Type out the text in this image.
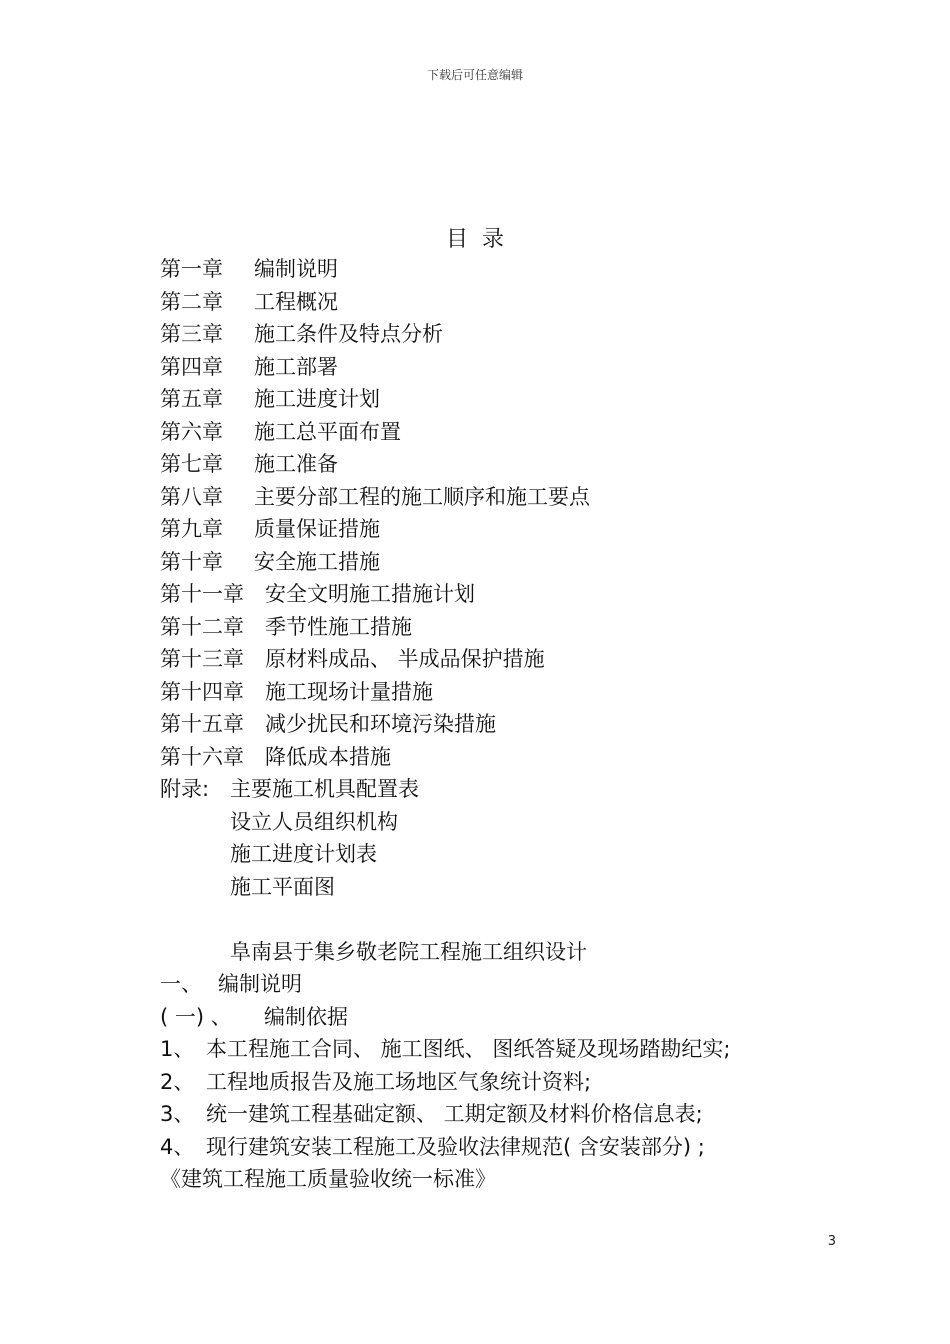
下载后可任意编辑
目录
第一章	编制说明
第二章	工程概况
第三章	施工条件及特点分析
第四章	施工部署
第五章	施工进度计划
第六章	施工总平面布置
第七章	施工准备
第八章	主要分部工程的施工顺序和施工要点
第九章	质量保证措施
第十章	安全施工措施
第十一章	安全文明施工措施计划
第十二章	季节性施工措施
第十三章	原材料成品、 半成品保护措施
第十四章	施工现场计量措施
第十五章	减少扰民和环境污染措施
第十六章	降低成本措施
附录: 主要施工机具配置表
设立人员组织机构
施工进度计划表
施工平面图
阜南县于集乡敬老院工程施工组织设计
一、 编制说明
( 一) 、	编制依据
1、 本工程施工合同、 施工图纸、 图纸答疑及现场踏勘纪实;
2、 工程地质报告及施工场地区气象统计资料;
3、 统一建筑工程基础定额、 工期定额及材料价格信息表;
4、 现行建筑安装工程施工及验收法律规范( 含安装部分) ;
《建筑工程施工质量验收统一标准》
3
